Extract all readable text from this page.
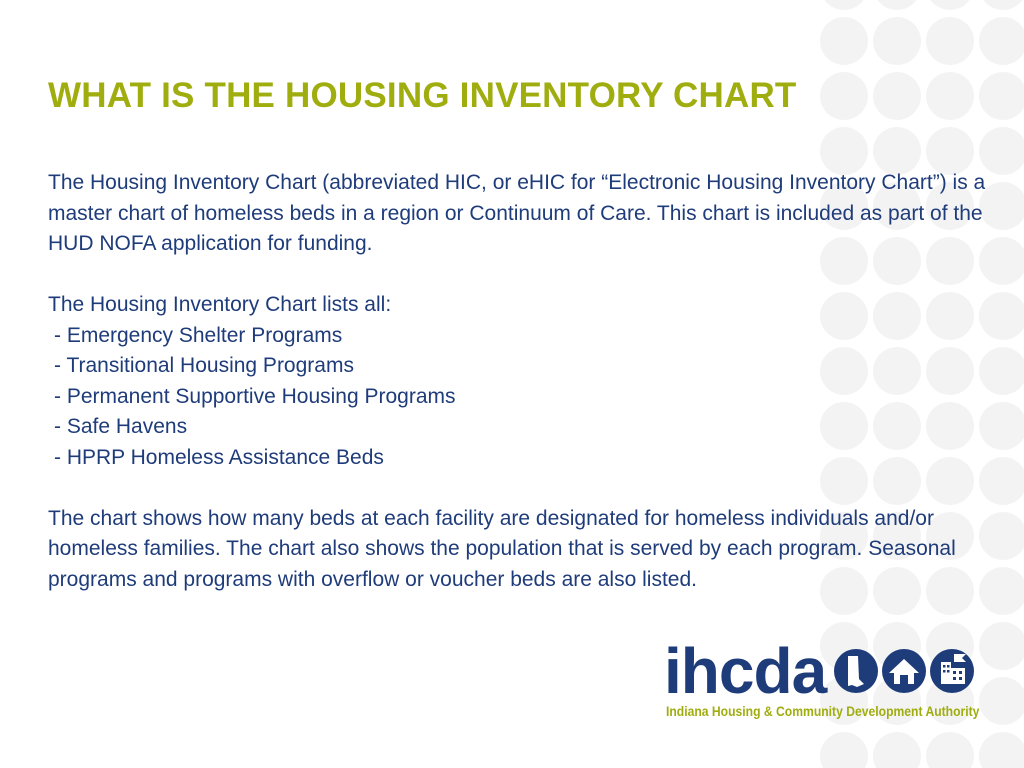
WHAT IS THE HOUSING INVENTORY CHART

The Housing Inventory Chart (abbreviated HIC, or eHIC for “Electronic Housing Inventory Chart”) is a master chart of homeless beds in a region or Continuum of Care. This chart is included as part of the HUD NOFA application for funding.

The Housing Inventory Chart lists all:

- Emergency Shelter Programs
- Transitional Housing Programs
- Permanent Supportive Housing Programs
- Safe Havens
- HPRP Homeless Assistance Beds

The chart shows how many beds at each facility are designated for homeless individuals and/or homeless families. The chart also shows the population that is served by each program. Seasonal programs and programs with overflow or voucher beds are also listed.

ihcda
Indiana Housing & Community Development Authority
